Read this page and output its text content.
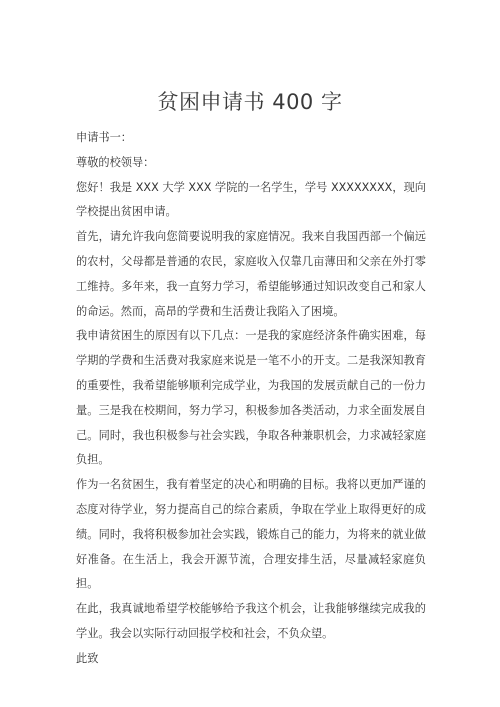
贫困申请书 400 字

申请书一：

尊敬的校领导：

您好！我是 XXX 大学 XXX 学院的一名学生，学号 XXXXXXXX，现向学校提出贫困申请。

首先，请允许我向您简要说明我的家庭情况。我来自我国西部一个偏远的农村，父母都是普通的农民，家庭收入仅靠几亩薄田和父亲在外打零工维持。多年来，我一直努力学习，希望能够通过知识改变自己和家人的命运。然而，高昂的学费和生活费让我陷入了困境。

我申请贫困生的原因有以下几点：一是我的家庭经济条件确实困难，每学期的学费和生活费对我家庭来说是一笔不小的开支。二是我深知教育的重要性，我希望能够顺利完成学业，为我国的发展贡献自己的一份力量。三是我在校期间，努力学习，积极参加各类活动，力求全面发展自己。同时，我也积极参与社会实践，争取各种兼职机会，力求减轻家庭负担。

作为一名贫困生，我有着坚定的决心和明确的目标。我将以更加严谨的态度对待学业，努力提高自己的综合素质，争取在学业上取得更好的成绩。同时，我将积极参加社会实践，锻炼自己的能力，为将来的就业做好准备。在生活上，我会开源节流，合理安排生活，尽量减轻家庭负担。

在此，我真诚地希望学校能够给予我这个机会，让我能够继续完成我的学业。我会以实际行动回报学校和社会，不负众望。

此致
